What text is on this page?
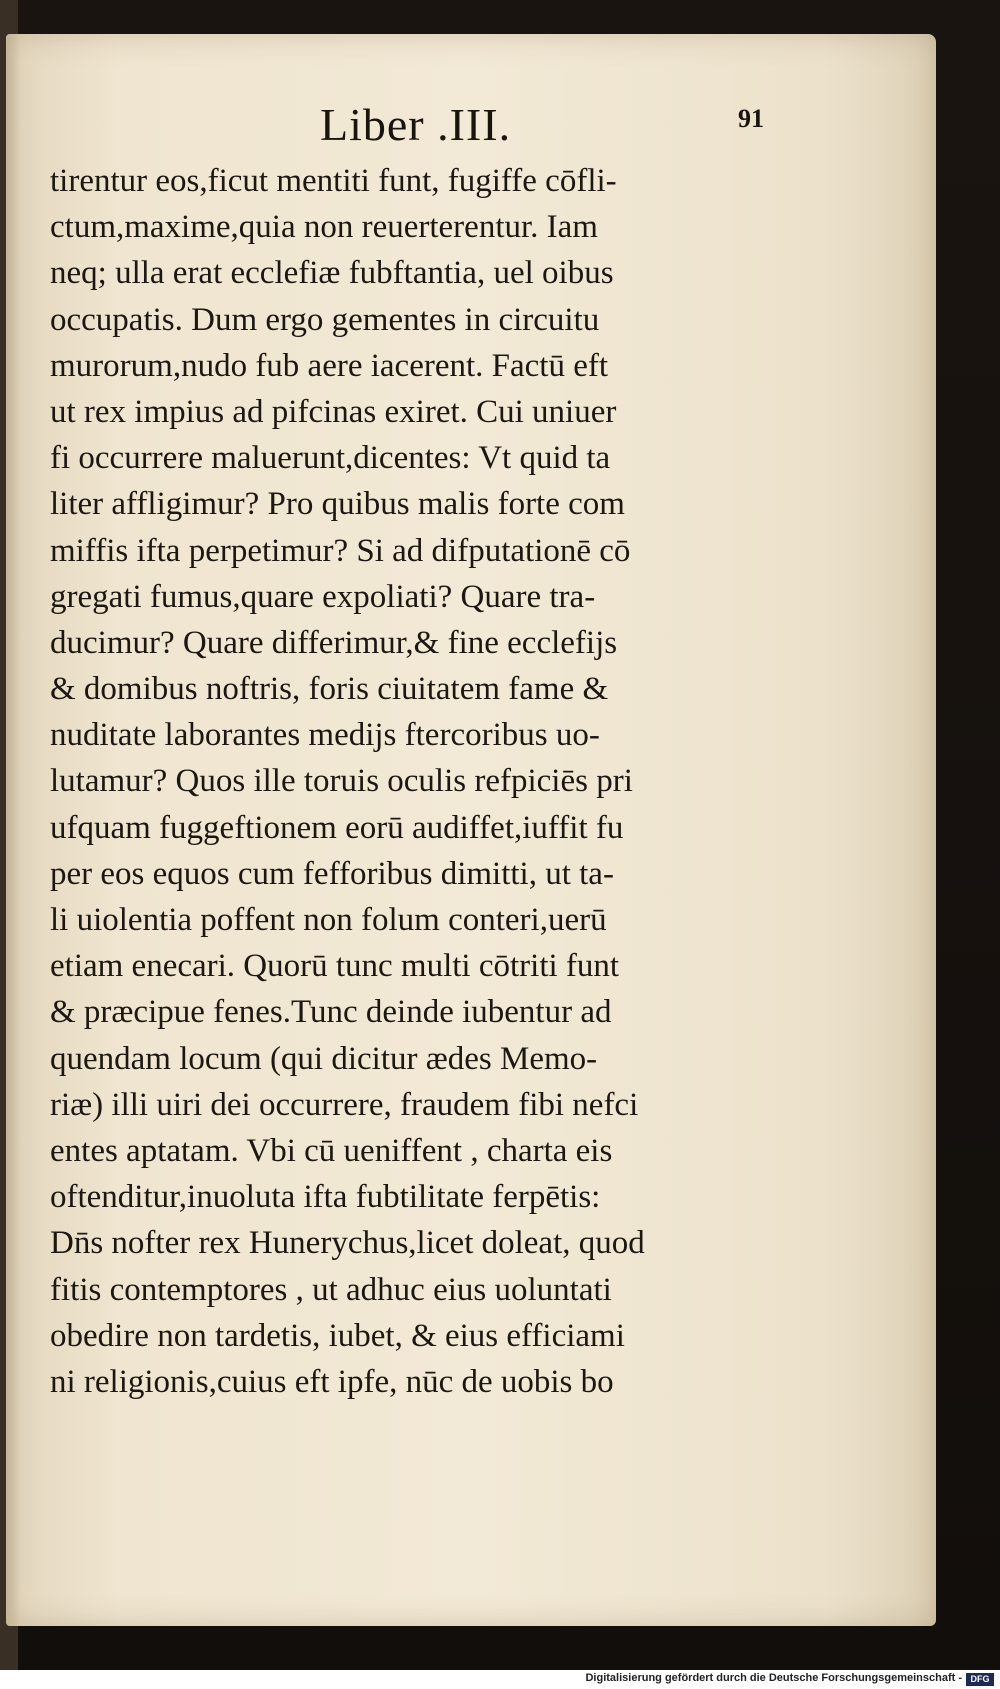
Liber .III.	91
tirentur eos,ficut mentiti funt, fugiffe cōfli-
ctum,maxime,quia non reuerterentur. Iam
neq; ulla erat ecclefiæ fubftantia, uel oibus
occupatis. Dum ergo gementes in circuitu
murorum,nudo fub aere iacerent. Factū eft
ut rex impius ad pifcinas exiret. Cui uniuer
fi occurrere maluerunt,dicentes: Vt quid ta
liter affligimur? Pro quibus malis forte com
miffis ifta perpetimur? Si ad difputationē cō
gregati fumus,quare expoliati? Quare tra-
ducimur? Quare differimur,& fine ecclefijs
& domibus noftris, foris ciuitatem fame &
nuditate laborantes medijs ftercoribus uo-
lutamur? Quos ille toruis oculis refpiciēs pri
ufquam fuggeftionem eorū audiffet,iuffit fu
per eos equos cum fefforibus dimitti, ut ta-
li uiolentia poffent non folum conteri,uerū
etiam enecari. Quorū tunc multi cōtriti funt
& præcipue fenes.Tunc deinde iubentur ad
quendam locum (qui dicitur ædes Memo-
riæ) illi uiri dei occurrere, fraudem fibi nefci
entes aptatam. Vbi cū ueniffent , charta eis
oftenditur,inuoluta ifta fubtilitate ferpētis:
Dn̄s nofter rex Hunerychus,licet doleat, quod
fitis contemptores , ut adhuc eius uoluntati
obedire non tardetis, iubet, & eius efficiami
ni religionis,cuius eft ipfe, nūc de uobis bo
Digitalisierung gefördert durch die Deutsche Forschungsgemeinschaft - DFG
